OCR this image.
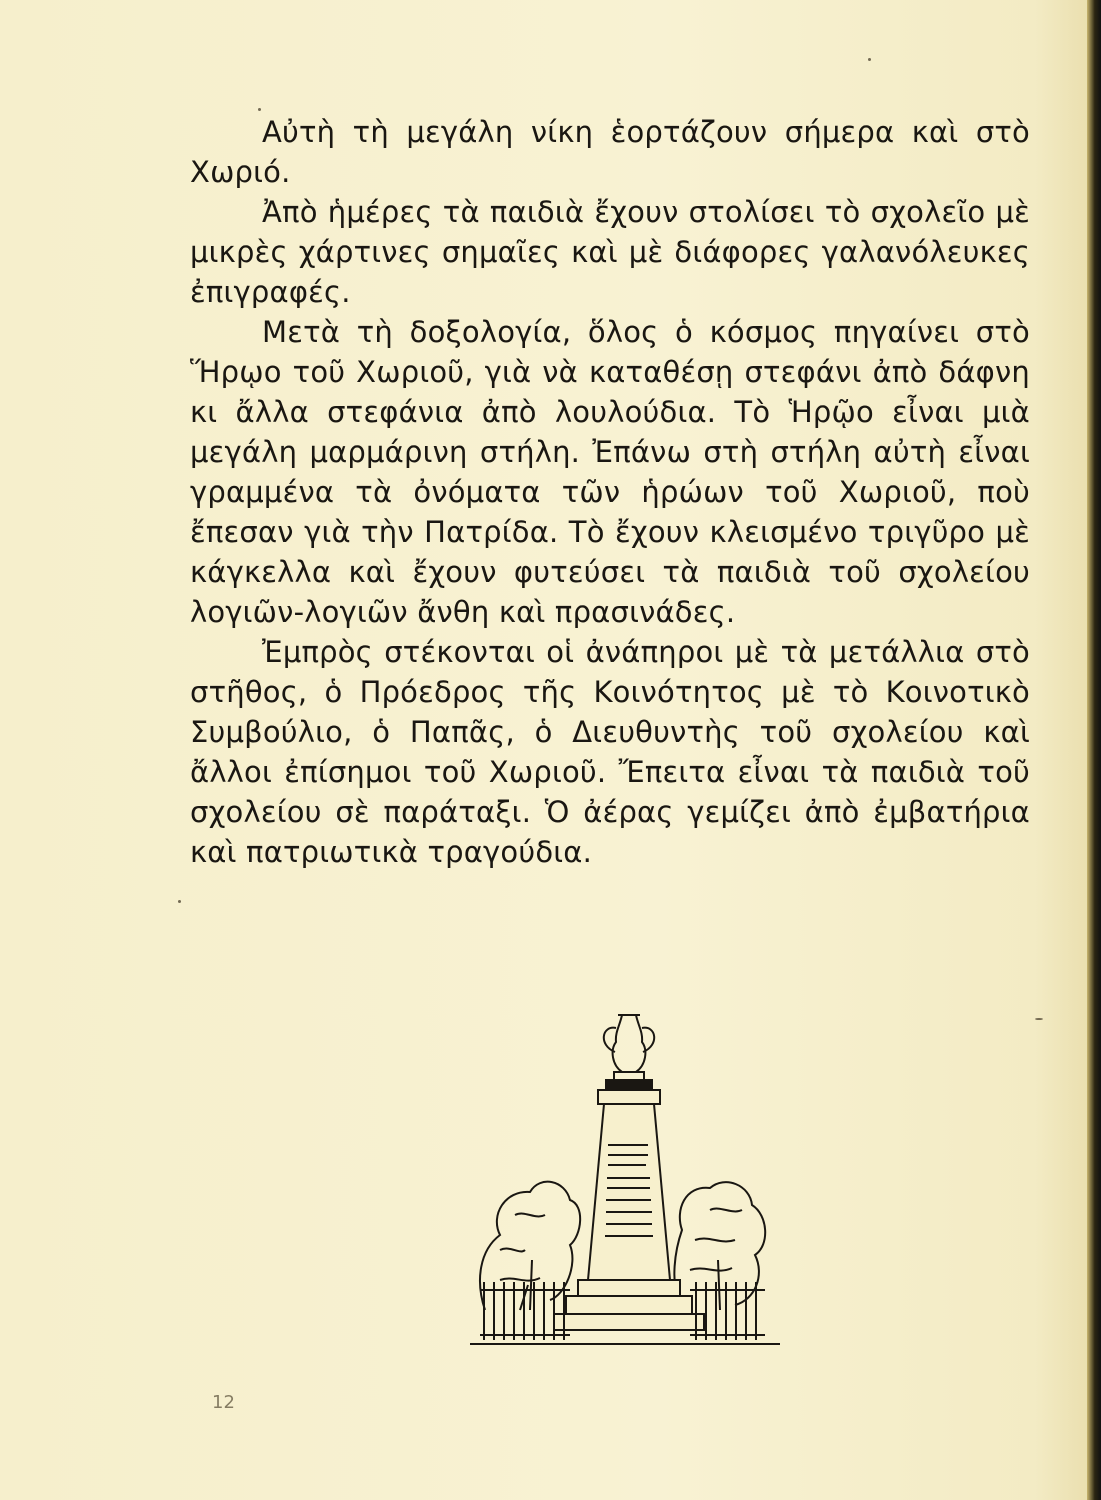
Αὐτὴ τὴ μεγάλη νίκη ἑορτάζουν σήμερα καὶ στὸ Χωριό.

Ἀπὸ ἡμέρες τὰ παιδιὰ ἔχουν στολίσει τὸ σχολεῖο μὲ μικρὲς χάρτινες σημαῖες καὶ μὲ διάφορες γαλανόλευκες ἐπιγραφές.

Μετὰ τὴ δοξολογία, ὅλος ὁ κόσμος πηγαίνει στὸ Ἥρῳο τοῦ Χωριοῦ, γιὰ νὰ καταθέσῃ στεφάνι ἀπὸ δάφνη κι ἄλλα στεφάνια ἀπὸ λουλούδια. Τὸ Ἡρῷο εἶναι μιὰ μεγάλη μαρμάρινη στήλη. Ἐπάνω στὴ στήλη αὐτὴ εἶναι γραμμένα τὰ ὀνόματα τῶν ἡρώων τοῦ Χωριοῦ, ποὺ ἔπεσαν γιὰ τὴν Πατρίδα. Τὸ ἔχουν κλεισμένο τριγῦρο μὲ κάγκελλα καὶ ἔχουν φυτεύσει τὰ παιδιὰ τοῦ σχολείου λογιῶν-λογιῶν ἄνθη καὶ πρασινάδες.

Ἐμπρὸς στέκονται οἱ ἀνάπηροι μὲ τὰ μετάλλια στὸ στῆθος, ὁ Πρόεδρος τῆς Κοινότητος μὲ τὸ Κοινοτικὸ Συμβούλιο, ὁ Παπᾶς, ὁ Διευθυντὴς τοῦ σχολείου καὶ ἄλλοι ἐπίσημοι τοῦ Χωριοῦ. Ἔπειτα εἶναι τὰ παιδιὰ τοῦ σχολείου σὲ παράταξι. Ὁ ἀέρας γεμίζει ἀπὸ ἐμβατήρια καὶ πατριωτικὰ τραγούδια.

12
